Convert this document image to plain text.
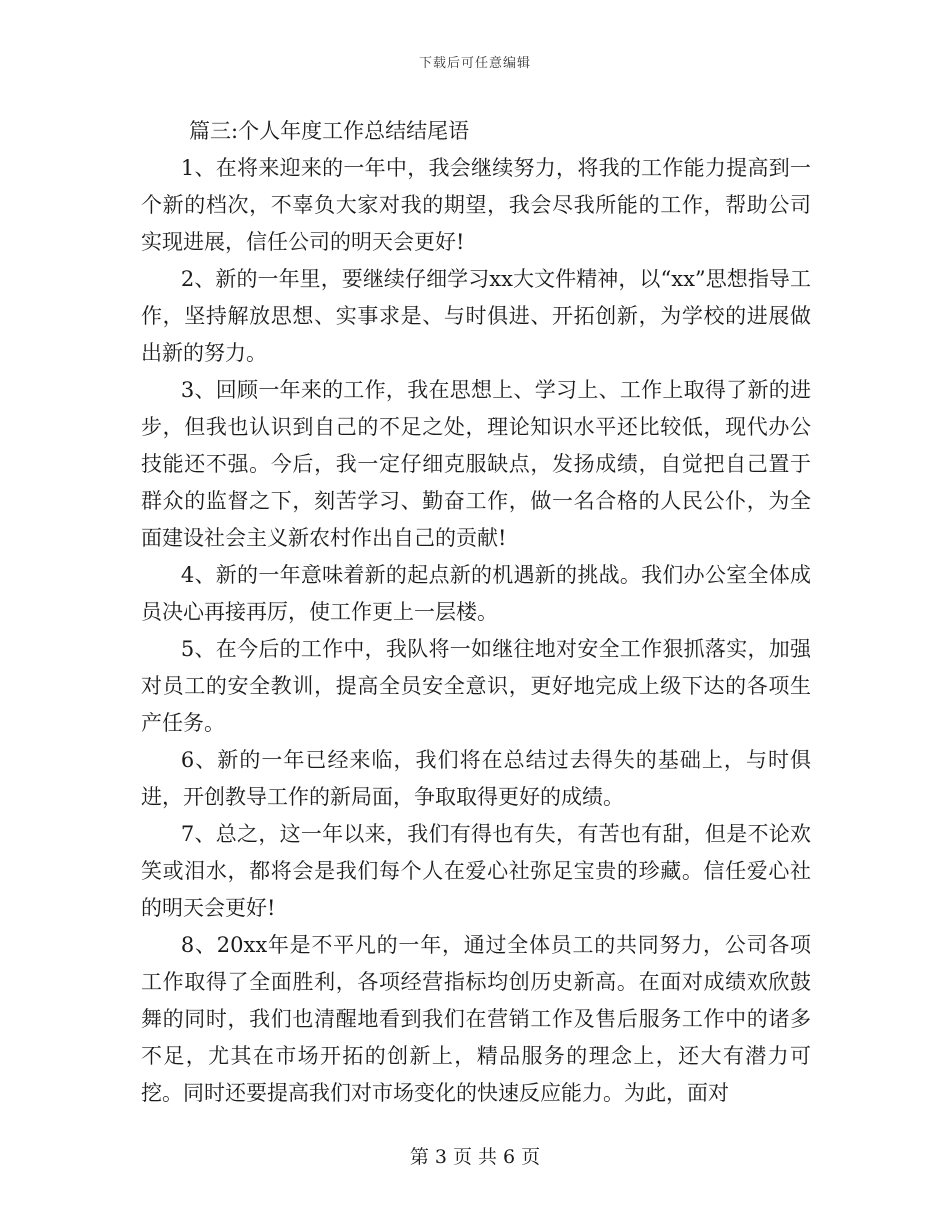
下载后可任意编辑

篇三:个人年度工作总结结尾语

1、在将来迎来的一年中，我会继续努力，将我的工作能力提高到一个新的档次，不辜负大家对我的期望，我会尽我所能的工作，帮助公司实现进展，信任公司的明天会更好!

2、新的一年里，要继续仔细学习xx大文件精神，以“xx”思想指导工作，坚持解放思想、实事求是、与时俱进、开拓创新，为学校的进展做出新的努力。

3、回顾一年来的工作，我在思想上、学习上、工作上取得了新的进步，但我也认识到自己的不足之处，理论知识水平还比较低，现代办公技能还不强。今后，我一定仔细克服缺点，发扬成绩，自觉把自己置于群众的监督之下，刻苦学习、勤奋工作，做一名合格的人民公仆，为全面建设社会主义新农村作出自己的贡献!

4、新的一年意味着新的起点新的机遇新的挑战。我们办公室全体成员决心再接再厉，使工作更上一层楼。

5、在今后的工作中，我队将一如继往地对安全工作狠抓落实，加强对员工的安全教训，提高全员安全意识，更好地完成上级下达的各项生产任务。

6、新的一年已经来临，我们将在总结过去得失的基础上，与时俱进，开创教导工作的新局面，争取取得更好的成绩。

7、总之，这一年以来，我们有得也有失，有苦也有甜，但是不论欢笑或泪水，都将会是我们每个人在爱心社弥足宝贵的珍藏。信任爱心社的明天会更好!

8、20xx年是不平凡的一年，通过全体员工的共同努力，公司各项工作取得了全面胜利，各项经营指标均创历史新高。在面对成绩欢欣鼓舞的同时，我们也清醒地看到我们在营销工作及售后服务工作中的诸多不足，尤其在市场开拓的创新上，精品服务的理念上，还大有潜力可挖。同时还要提高我们对市场变化的快速反应能力。为此，面对

第 3 页 共 6 页
